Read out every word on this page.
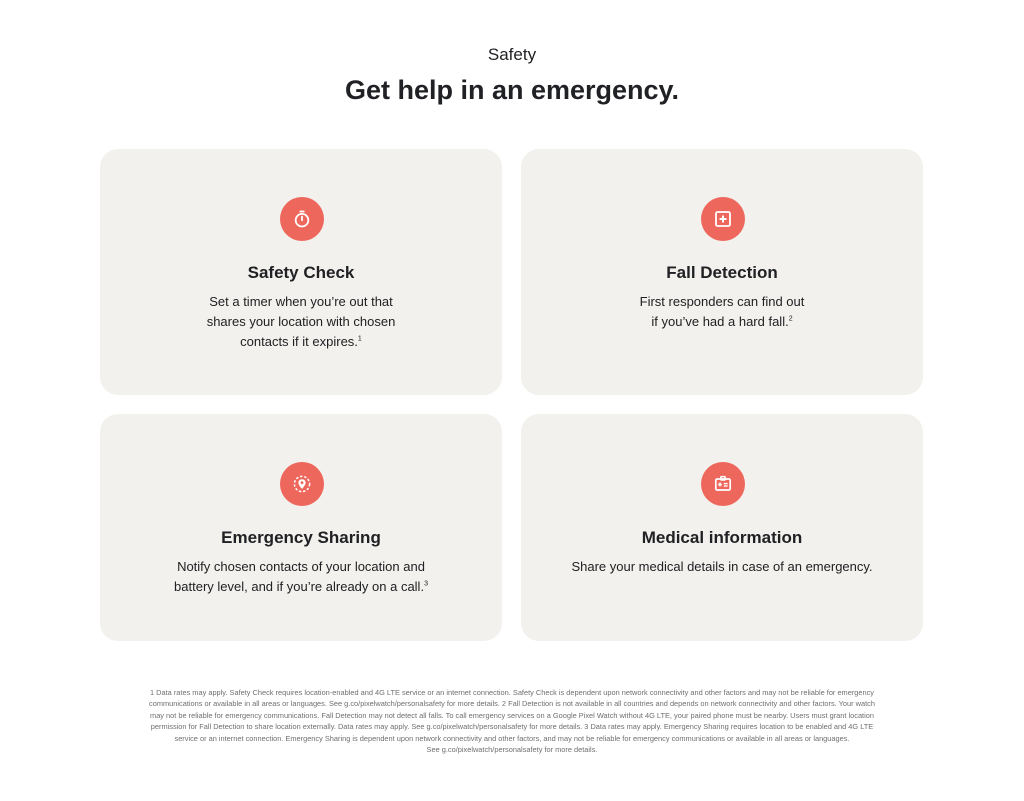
Safety
Get help in an emergency.
Safety Check
Set a timer when you’re out that
shares your location with chosen
contacts if it expires.$^1$
Fall Detection
First responders can find out
if you’ve had a hard fall.$^2$
Emergency Sharing
Notify chosen contacts of your location and
battery level, and if you’re already on a call.$^3$
Medical information
Share your medical details in case of an emergency.
1 Data rates may apply. Safety Check requires location-enabled and 4G LTE service or an internet connection. Safety Check is dependent upon network connectivity and other factors and may not be reliable for emergency
communications or available in all areas or languages. See g.co/pixelwatch/personalsafety for more details. 2 Fall Detection is not available in all countries and depends on network connectivity and other factors. Your watch
may not be reliable for emergency communications. Fall Detection may not detect all falls. To call emergency services on a Google Pixel Watch without 4G LTE, your paired phone must be nearby. Users must grant location
permission for Fall Detection to share location externally. Data rates may apply. See g.co/pixelwatch/personalsafety for more details. 3 Data rates may apply. Emergency Sharing requires location to be enabled and 4G LTE
service or an internet connection. Emergency Sharing is dependent upon network connectivity and other factors, and may not be reliable for emergency communications or available in all areas or languages.
See g.co/pixelwatch/personalsafety for more details.
